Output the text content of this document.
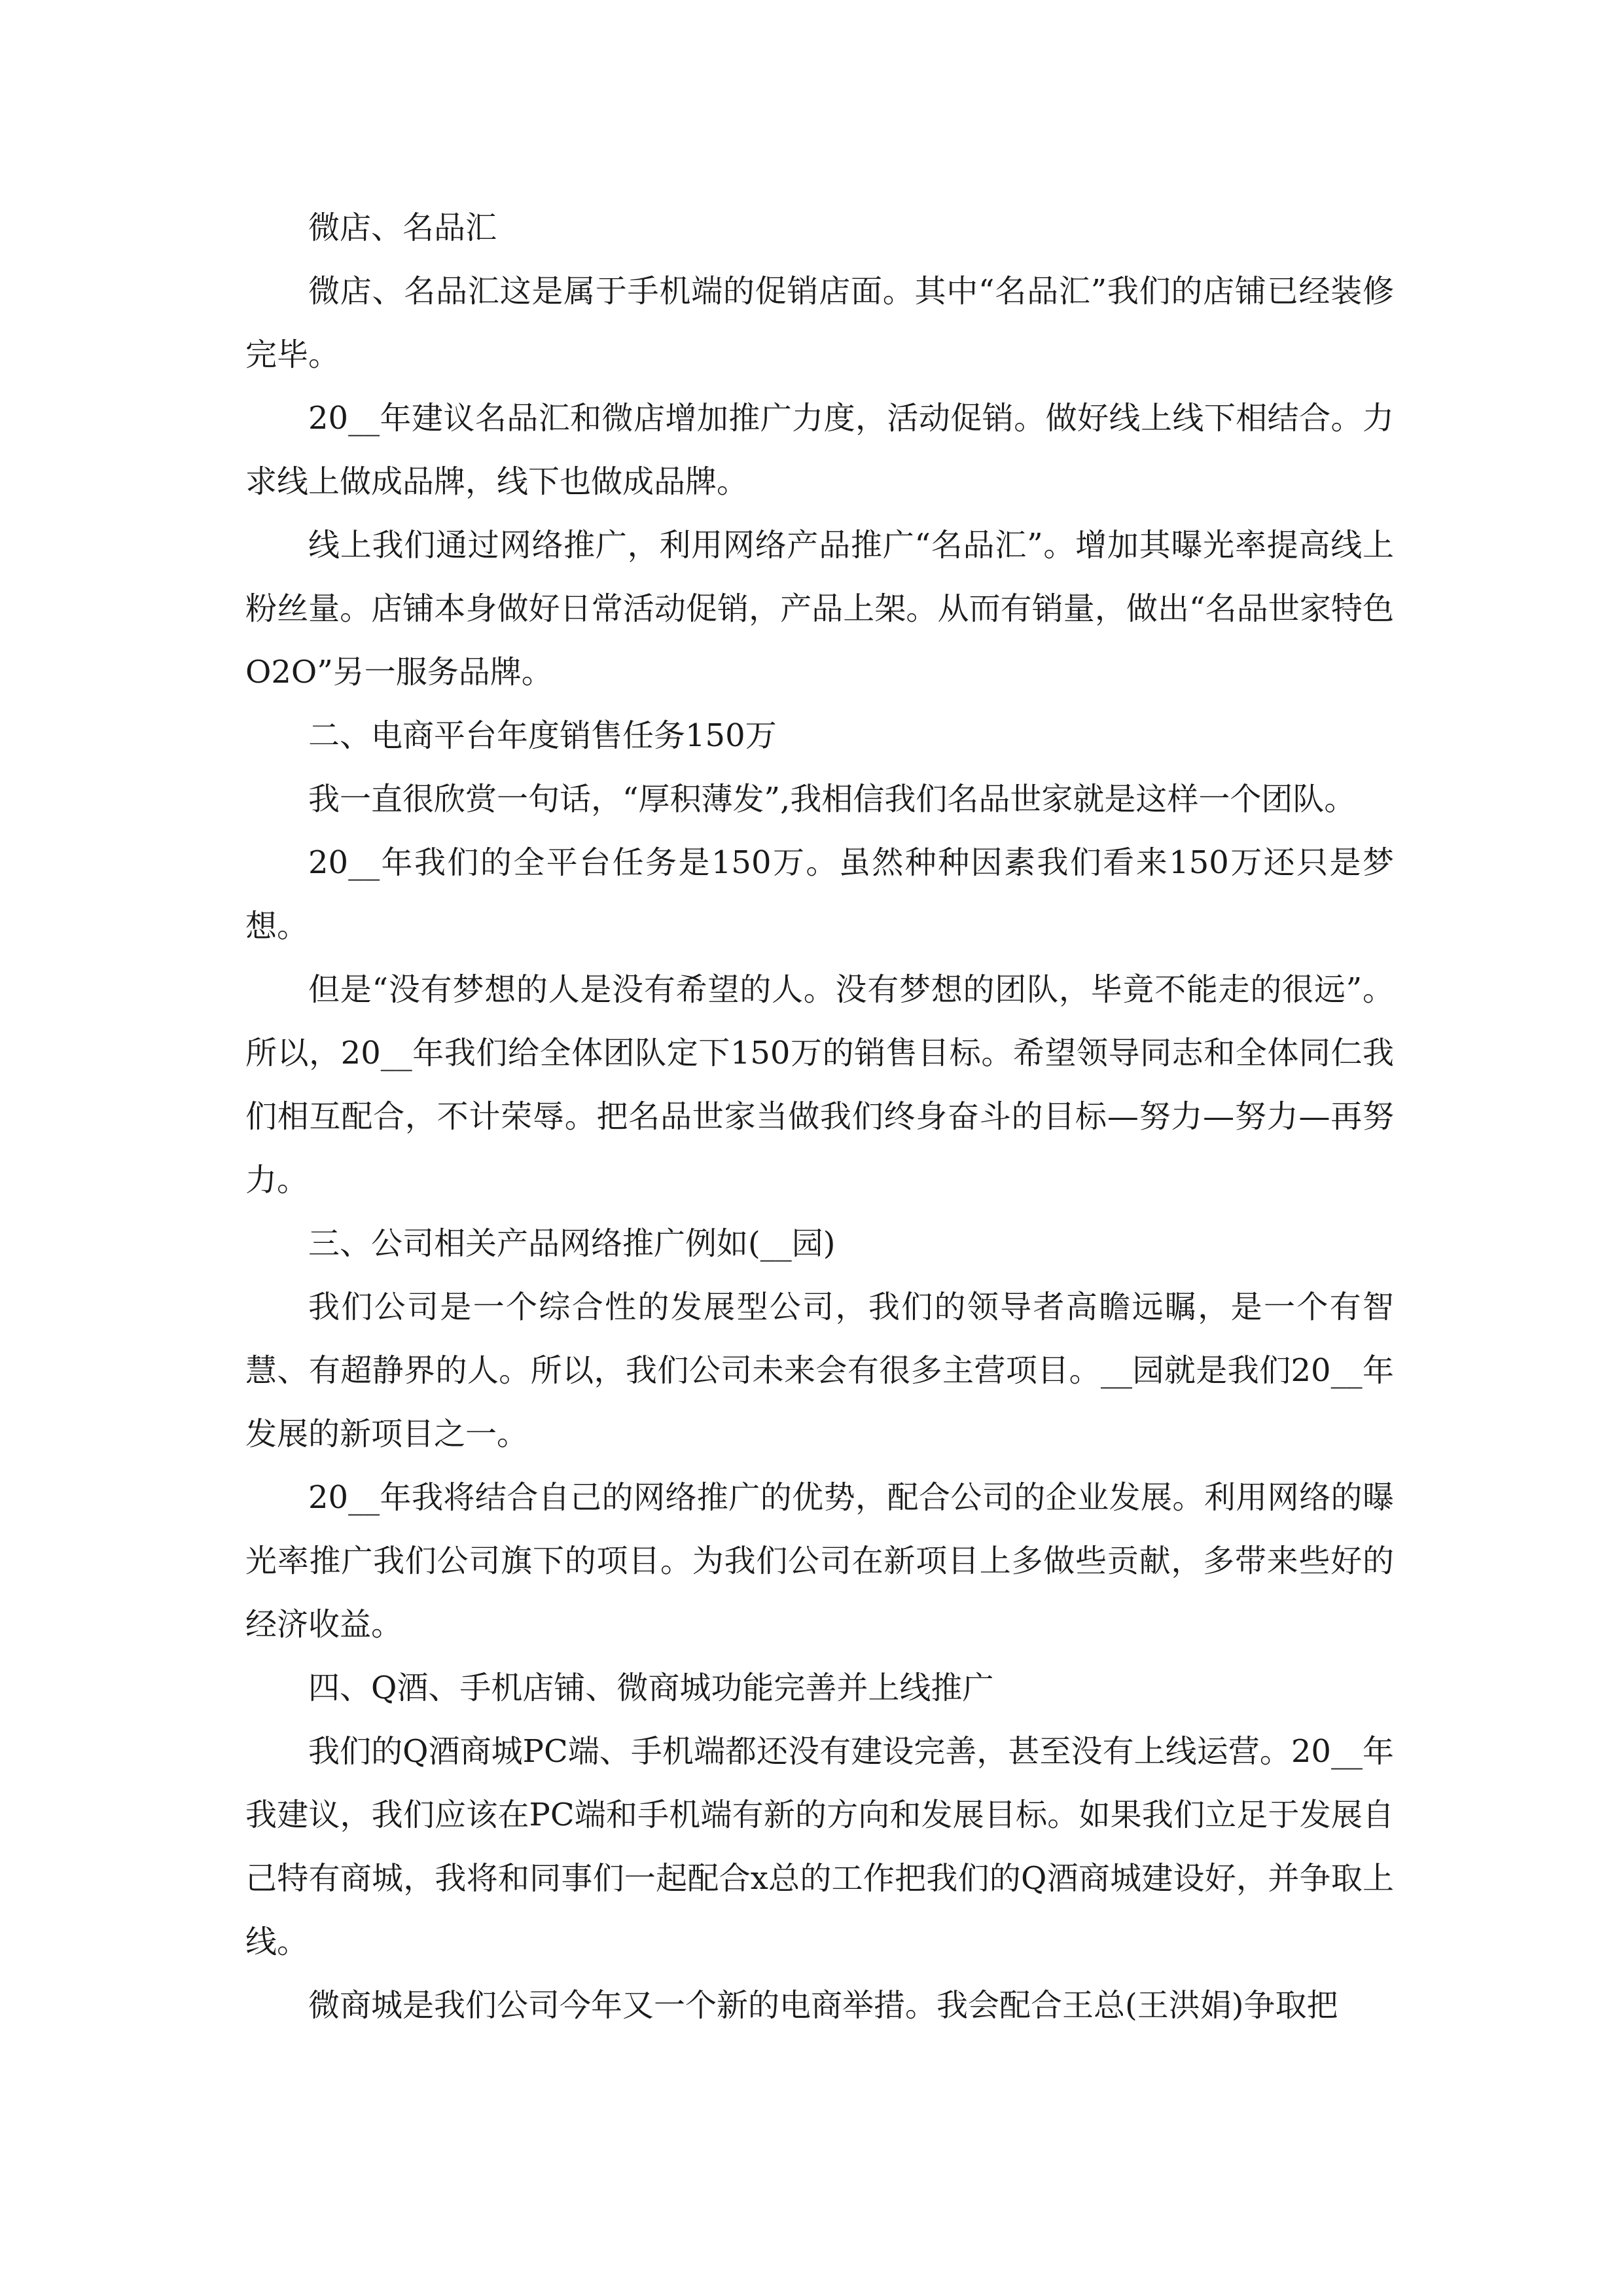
微店、名品汇

微店、名品汇这是属于手机端的促销店面。其中“名品汇”我们的店铺已经装修完毕。

20__年建议名品汇和微店增加推广力度，活动促销。做好线上线下相结合。力求线上做成品牌，线下也做成品牌。

线上我们通过网络推广，利用网络产品推广“名品汇”。增加其曝光率提高线上粉丝量。店铺本身做好日常活动促销，产品上架。从而有销量，做出“名品世家特色O2O”另一服务品牌。

二、电商平台年度销售任务150万

我一直很欣赏一句话，“厚积薄发”,我相信我们名品世家就是这样一个团队。

20__年我们的全平台任务是150万。虽然种种因素我们看来150万还只是梦想。

但是“没有梦想的人是没有希望的人。没有梦想的团队，毕竟不能走的很远”。所以，20__年我们给全体团队定下150万的销售目标。希望领导同志和全体同仁我们相互配合，不计荣辱。把名品世家当做我们终身奋斗的目标—努力—努力—再努力。

三、公司相关产品网络推广例如(__园)

我们公司是一个综合性的发展型公司，我们的领导者高瞻远瞩，是一个有智慧、有超静界的人。所以，我们公司未来会有很多主营项目。__园就是我们20__年发展的新项目之一。

20__年我将结合自己的网络推广的优势，配合公司的企业发展。利用网络的曝光率推广我们公司旗下的项目。为我们公司在新项目上多做些贡献，多带来些好的经济收益。

四、Q酒、手机店铺、微商城功能完善并上线推广

我们的Q酒商城PC端、手机端都还没有建设完善，甚至没有上线运营。20__年我建议，我们应该在PC端和手机端有新的方向和发展目标。如果我们立足于发展自己特有商城，我将和同事们一起配合x总的工作把我们的Q酒商城建设好，并争取上线。

微商城是我们公司今年又一个新的电商举措。我会配合王总(王洪娟)争取把
